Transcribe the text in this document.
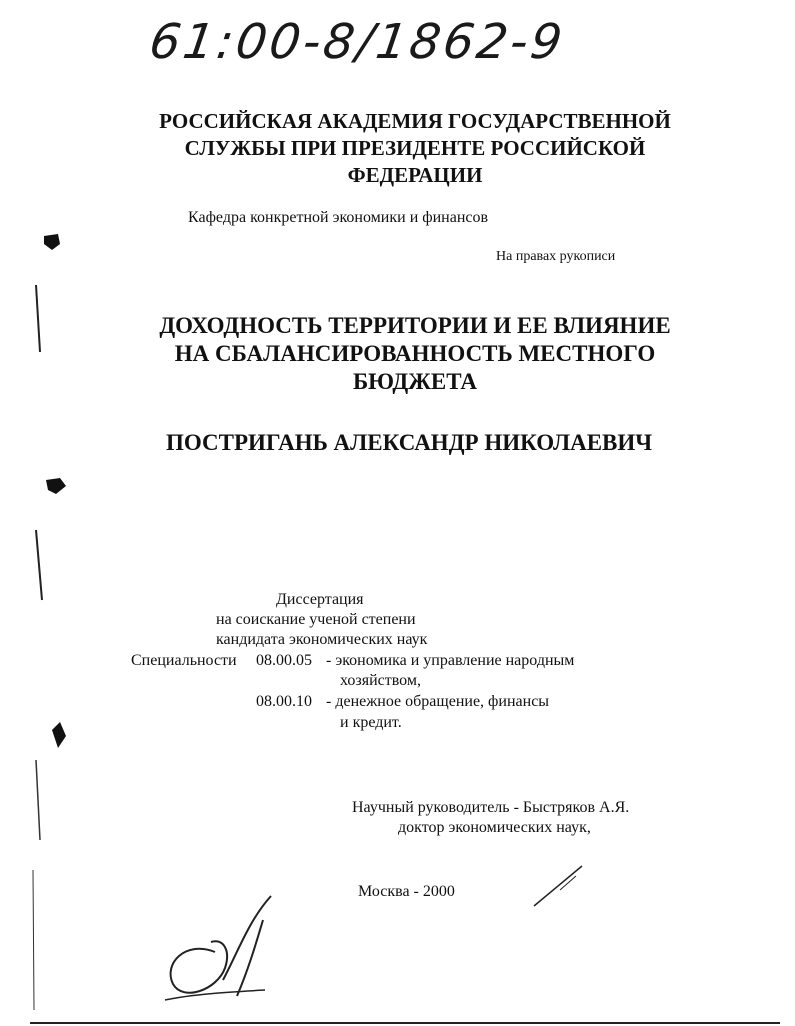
61:00-8/1862-9
РОССИЙСКАЯ АКАДЕМИЯ ГОСУДАРСТВЕННОЙ
СЛУЖБЫ ПРИ ПРЕЗИДЕНТЕ РОССИЙСКОЙ
ФЕДЕРАЦИИ
Кафедра конкретной экономики и финансов
На правах рукописи
ДОХОДНОСТЬ ТЕРРИТОРИИ И ЕЕ ВЛИЯНИЕ
НА СБАЛАНСИРОВАННОСТЬ МЕСТНОГО
БЮДЖЕТА
ПОСТРИГАНЬ АЛЕКСАНДР НИКОЛАЕВИЧ
Диссертация
на соискание ученой степени
кандидата экономических наук
Специальности 08.00.05 - экономика и управление народным
хозяйством,
08.00.10 - денежное обращение, финансы
и кредит.
Научный руководитель - Быстряков А.Я.
доктор экономических наук,
Москва - 2000
